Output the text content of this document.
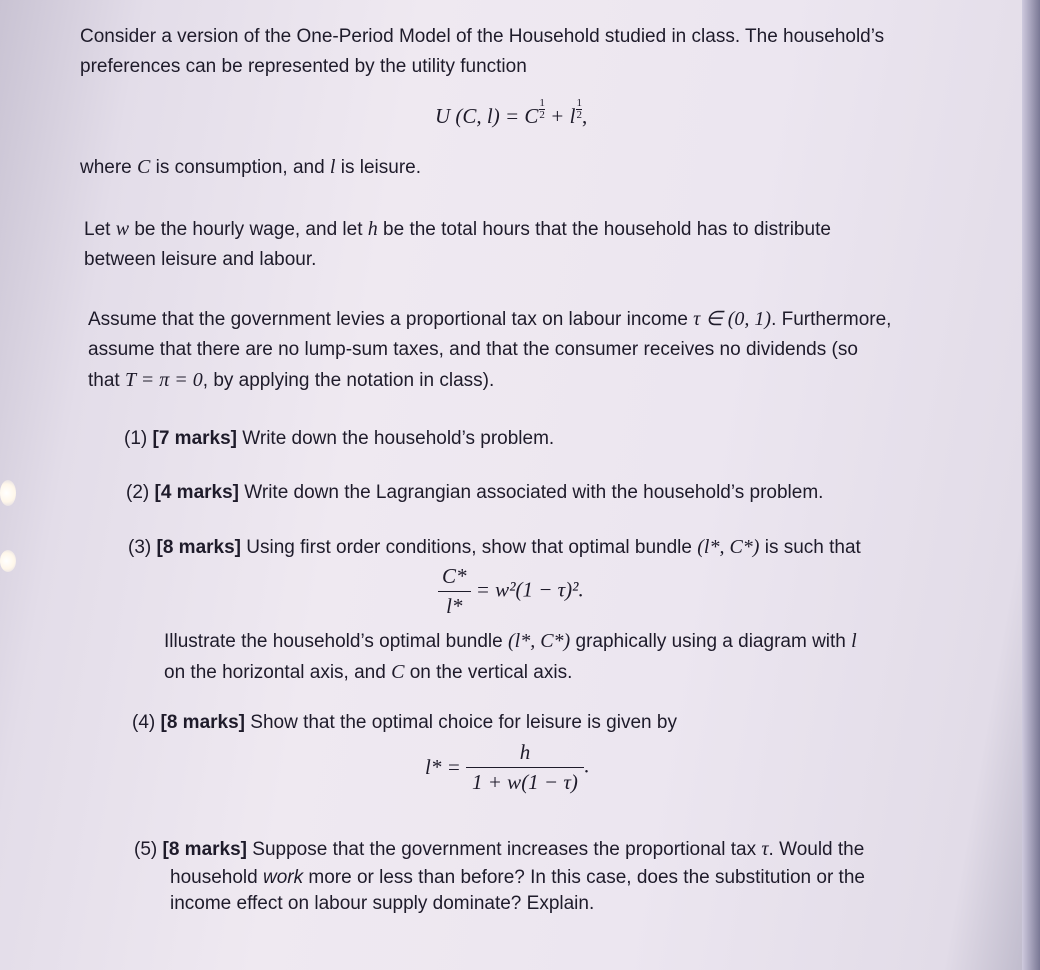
Consider a version of the One-Period Model of the Household studied in class. The household’s

preferences can be represented by the utility function

U (C, l) = C $\frac{1}{2} + l \frac{1}{2}$ ,
where C is consumption, and l is leisure.

Let w be the hourly wage, and let h be the total hours that the household has to distribute

between leisure and labour.

Assume that the government levies a proportional tax on labour income τ ∈ (0, 1). Furthermore,

assume that there are no lump-sum taxes, and that the consumer receives no dividends (so

that T = π = 0, by applying the notation in class).

(1) [7 marks] Write down the household’s problem.
(2) [4 marks] Write down the Lagrangian associated with the household’s problem.
(3) [8 marks] Using first order conditions, show that optimal bundle (l*, C*) is such that
$\frac{C*}{l*} = w^2(1 - \tau)^2$.

Illustrate the household’s optimal bundle (l*, C*) graphically using a diagram with l

on the horizontal axis, and C on the vertical axis.

(4) [8 marks] Show that the optimal choice for leisure is given by
$l* = \frac{h}{1 + w(1 - \tau)}$ .

(5) [8 marks] Suppose that the government increases the proportional tax τ. Would the

household work more or less than before? In this case, does the substitution or the

income effect on labour supply dominate? Explain.
